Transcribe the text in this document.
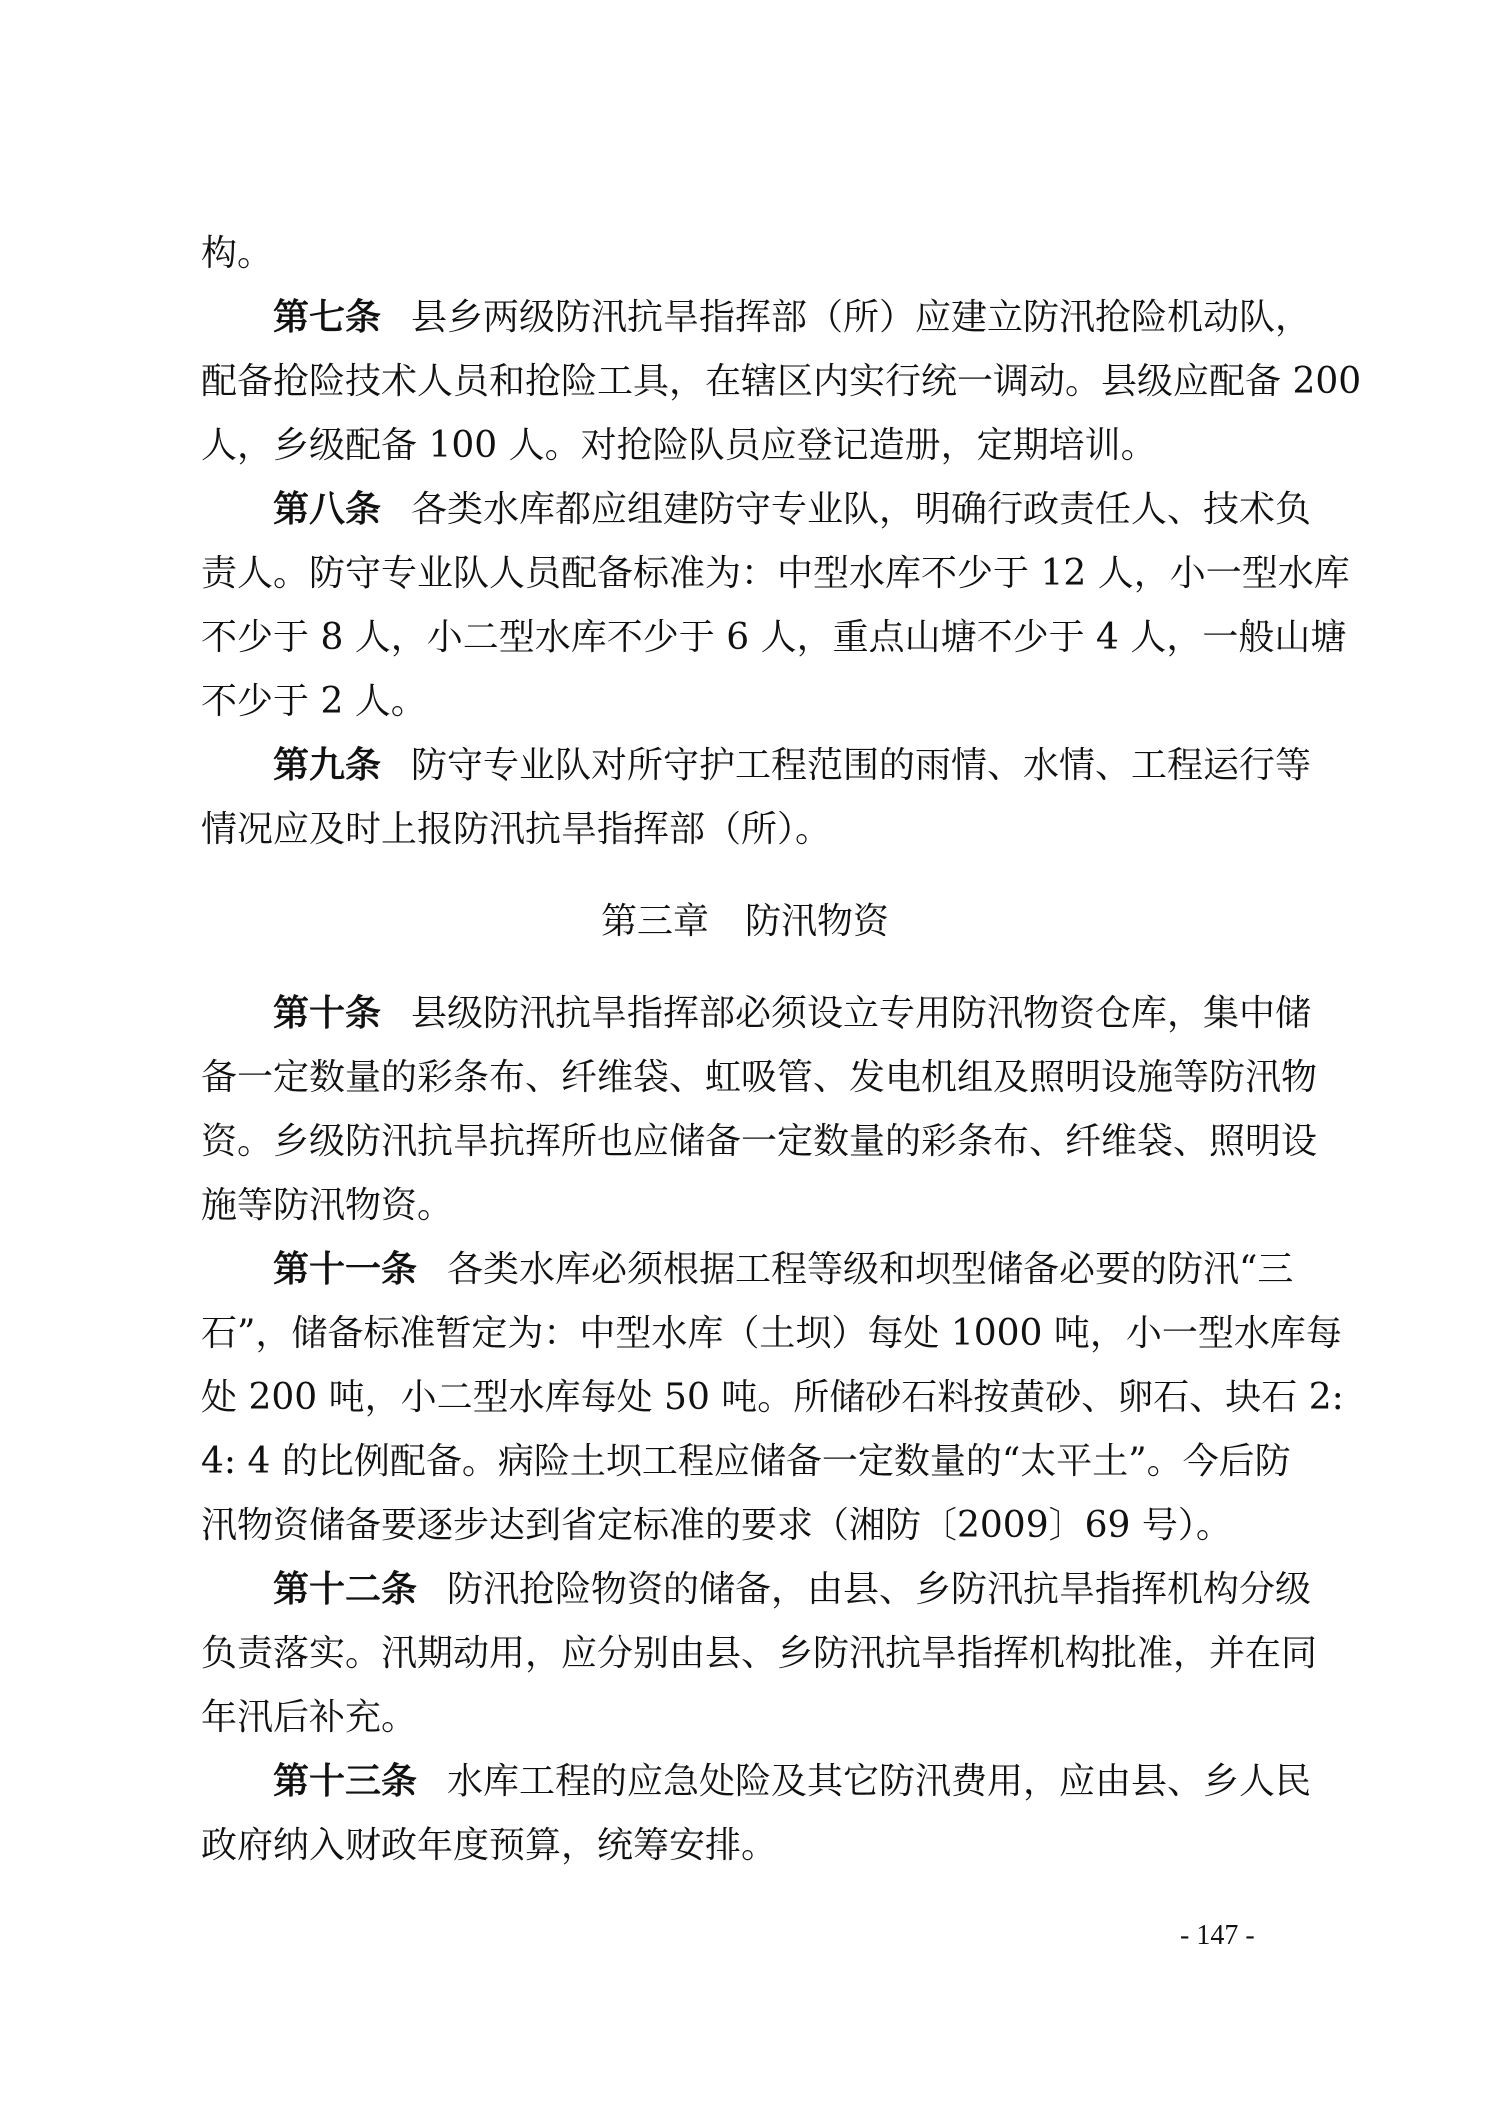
构。
第七条 县乡两级防汛抗旱指挥部（所）应建立防汛抢险机动队，
配备抢险技术人员和抢险工具，在辖区内实行统一调动。县级应配备 200
人，乡级配备 100 人。对抢险队员应登记造册，定期培训。
第八条 各类水库都应组建防守专业队，明确行政责任人、技术负
责人。防守专业队人员配备标准为：中型水库不少于 12 人，小一型水库
不少于 8 人，小二型水库不少于 6 人，重点山塘不少于 4 人，一般山塘
不少于 2 人。
第九条 防守专业队对所守护工程范围的雨情、水情、工程运行等
情况应及时上报防汛抗旱指挥部（所）。
第三章 防汛物资
第十条 县级防汛抗旱指挥部必须设立专用防汛物资仓库，集中储
备一定数量的彩条布、纤维袋、虹吸管、发电机组及照明设施等防汛物
资。乡级防汛抗旱抗挥所也应储备一定数量的彩条布、纤维袋、照明设
施等防汛物资。
第十一条 各类水库必须根据工程等级和坝型储备必要的防汛“三
石”，储备标准暂定为：中型水库（土坝）每处 1000 吨，小一型水库每
处 200 吨，小二型水库每处 50 吨。所储砂石料按黄砂、卵石、块石 2:
4: 4 的比例配备。病险土坝工程应储备一定数量的“太平土”。今后防
汛物资储备要逐步达到省定标准的要求（湘防〔2009〕69 号）。
第十二条 防汛抢险物资的储备，由县、乡防汛抗旱指挥机构分级
负责落实。汛期动用，应分别由县、乡防汛抗旱指挥机构批准，并在同
年汛后补充。
第十三条 水库工程的应急处险及其它防汛费用，应由县、乡人民
政府纳入财政年度预算，统筹安排。
- 147 -
